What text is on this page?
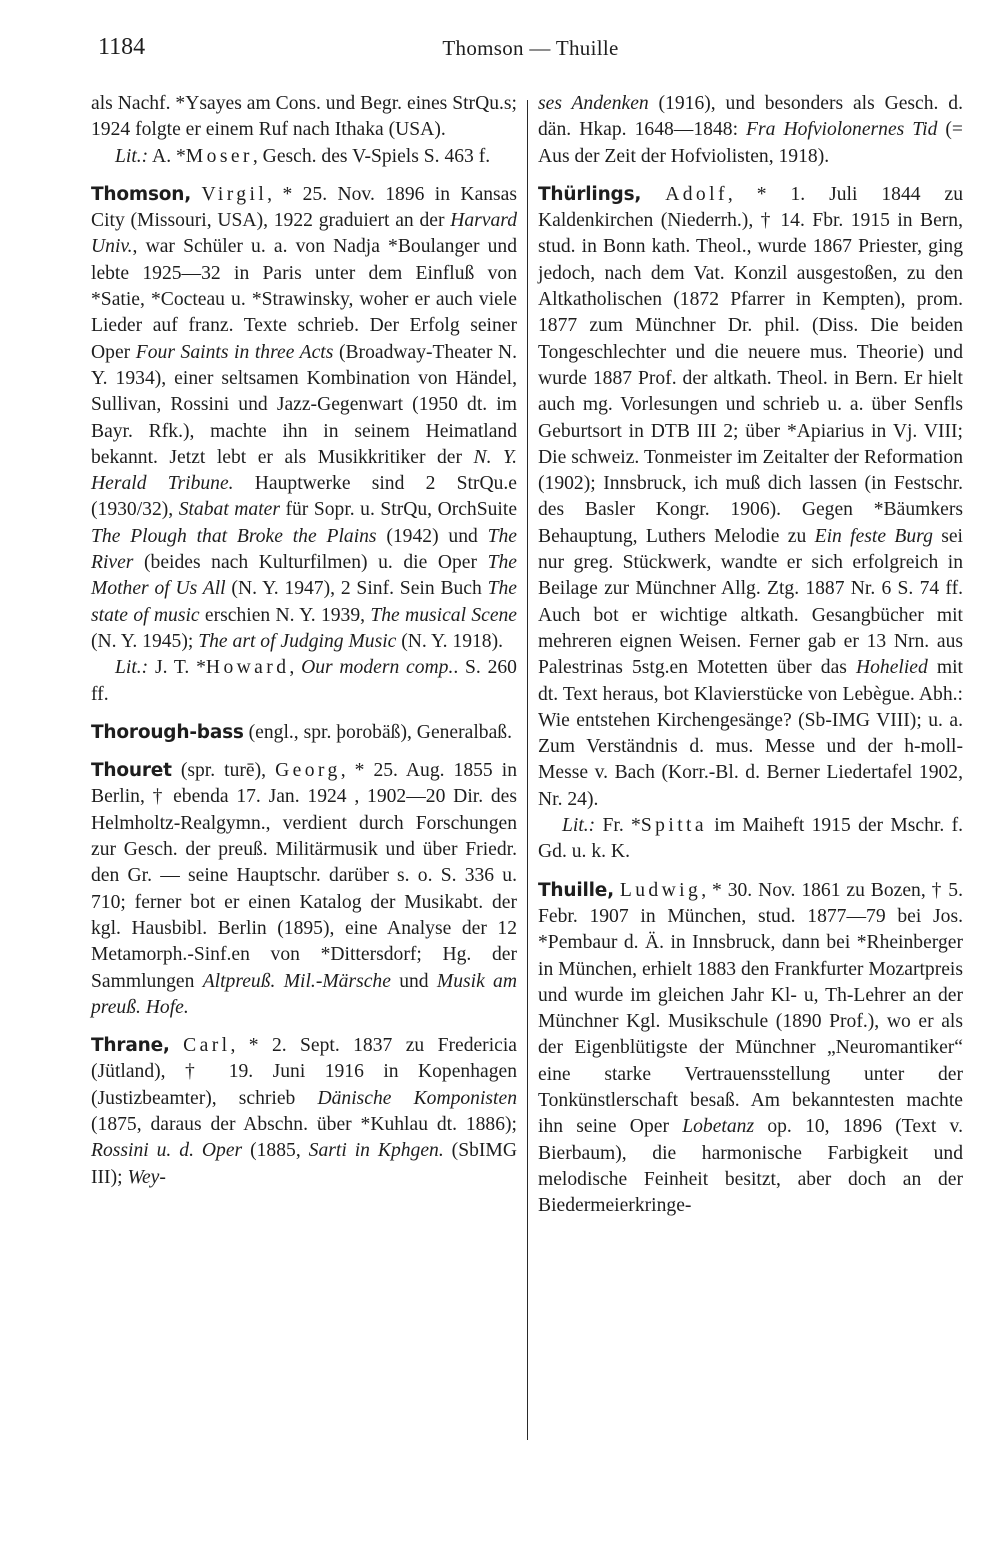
1184	Thomson — Thuille

als Nachf. *Ysayes am Cons. und Begr. eines StrQu.s; 1924 folgte er einem Ruf nach Ithaka (USA).
Lit.: A. *Moser, Gesch. des V-Spiels S. 463 f.

Thomson, Virgil, * 25. Nov. 1896 in Kansas City (Missouri, USA), 1922 graduiert an der Harvard Univ., war Schüler u. a. von Nadja *Boulanger und lebte 1925—32 in Paris unter dem Einfluß von *Satie, *Cocteau u. *Strawinsky, woher er auch viele Lieder auf franz. Texte schrieb. Der Erfolg seiner Oper Four Saints in three Acts (Broadway-Theater N. Y. 1934), einer seltsamen Kombination von Händel, Sullivan, Rossini und Jazz-Gegenwart (1950 dt. im Bayr. Rfk.), machte ihn in seinem Heimatland bekannt. Jetzt lebt er als Musikkritiker der N. Y. Herald Tribune. Hauptwerke sind 2 StrQu.e (1930/32), Stabat mater für Sopr. u. StrQu, OrchSuite The Plough that Broke the Plains (1942) und The River (beides nach Kulturfilmen) u. die Oper The Mother of Us All (N. Y. 1947), 2 Sinf. Sein Buch The state of music erschien N. Y. 1939, The musical Scene (N. Y. 1945); The art of Judging Music (N. Y. 1918).
Lit.: J. T. *Howard, Our modern comp.. S. 260 ff.

Thorough-bass (engl., spr. þorobäß), Generalbaß.

Thouret (spr. turē), Georg, * 25. Aug. 1855 in Berlin, † ebenda 17. Jan. 1924 , 1902—20 Dir. des Helmholtz-Realgymn., verdient durch Forschungen zur Gesch. der preuß. Militärmusik und über Friedr. den Gr. — seine Hauptschr. darüber s. o. S. 336 u. 710; ferner bot er einen Katalog der Musikabt. der kgl. Hausbibl. Berlin (1895), eine Analyse der 12 Metamorph.-Sinf.en von *Dittersdorf; Hg. der Sammlungen Altpreuß. Mil.-Märsche und Musik am preuß. Hofe.

Thrane, Carl, * 2. Sept. 1837 zu Fredericia (Jütland), † 19. Juni 1916 in Kopenhagen (Justizbeamter), schrieb Dänische Komponisten (1875, daraus der Abschn. über *Kuhlau dt. 1886); Rossini u. d. Oper (1885, Sarti in Kphgen. (SbIMG III); Wey-

ses Andenken (1916), und besonders als Gesch. d. dän. Hkap. 1648—1848: Fra Hofviolonernes Tid (= Aus der Zeit der Hofviolisten, 1918).

Thürlings, Adolf, * 1. Juli 1844 zu Kaldenkirchen (Niederrh.), † 14. Fbr. 1915 in Bern, stud. in Bonn kath. Theol., wurde 1867 Priester, ging jedoch, nach dem Vat. Konzil ausgestoßen, zu den Altkatholischen (1872 Pfarrer in Kempten), prom. 1877 zum Münchner Dr. phil. (Diss. Die beiden Tongeschlechter und die neuere mus. Theorie) und wurde 1887 Prof. der altkath. Theol. in Bern. Er hielt auch mg. Vorlesungen und schrieb u. a. über Senfls Geburtsort in DTB III 2; über *Apiarius in Vj. VIII; Die schweiz. Tonmeister im Zeitalter der Reformation (1902); Innsbruck, ich muß dich lassen (in Festschr. des Basler Kongr. 1906). Gegen *Bäumkers Behauptung, Luthers Melodie zu Ein feste Burg sei nur greg. Stückwerk, wandte er sich erfolgreich in Beilage zur Münchner Allg. Ztg. 1887 Nr. 6 S. 74 ff. Auch bot er wichtige altkath. Gesangbücher mit mehreren eignen Weisen. Ferner gab er 13 Nrn. aus Palestrinas 5stg.en Motetten über das Hohelied mit dt. Text heraus, bot Klavierstücke von Lebègue. Abh.: Wie entstehen Kirchengesänge? (Sb-IMG VIII); u. a. Zum Verständnis d. mus. Messe und der h-moll-Messe v. Bach (Korr.-Bl. d. Berner Liedertafel 1902, Nr. 24).
Lit.: Fr. *Spitta im Maiheft 1915 der Mschr. f. Gd. u. k. K.

Thuille, Ludwig, * 30. Nov. 1861 zu Bozen, † 5. Febr. 1907 in München, stud. 1877—79 bei Jos. *Pembaur d. Ä. in Innsbruck, dann bei *Rheinberger in München, erhielt 1883 den Frankfurter Mozartpreis und wurde im gleichen Jahr Kl- u, Th-Lehrer an der Münchner Kgl. Musikschule (1890 Prof.), wo er als der Eigenblütigste der Münchner „Neuromantiker“ eine starke Vertrauensstellung unter der Tonkünstlerschaft besaß. Am bekanntesten machte ihn seine Oper Lobetanz op. 10, 1896 (Text v. Bierbaum), die harmonische Farbigkeit und melodische Feinheit besitzt, aber doch an der Biedermeierkringe-
